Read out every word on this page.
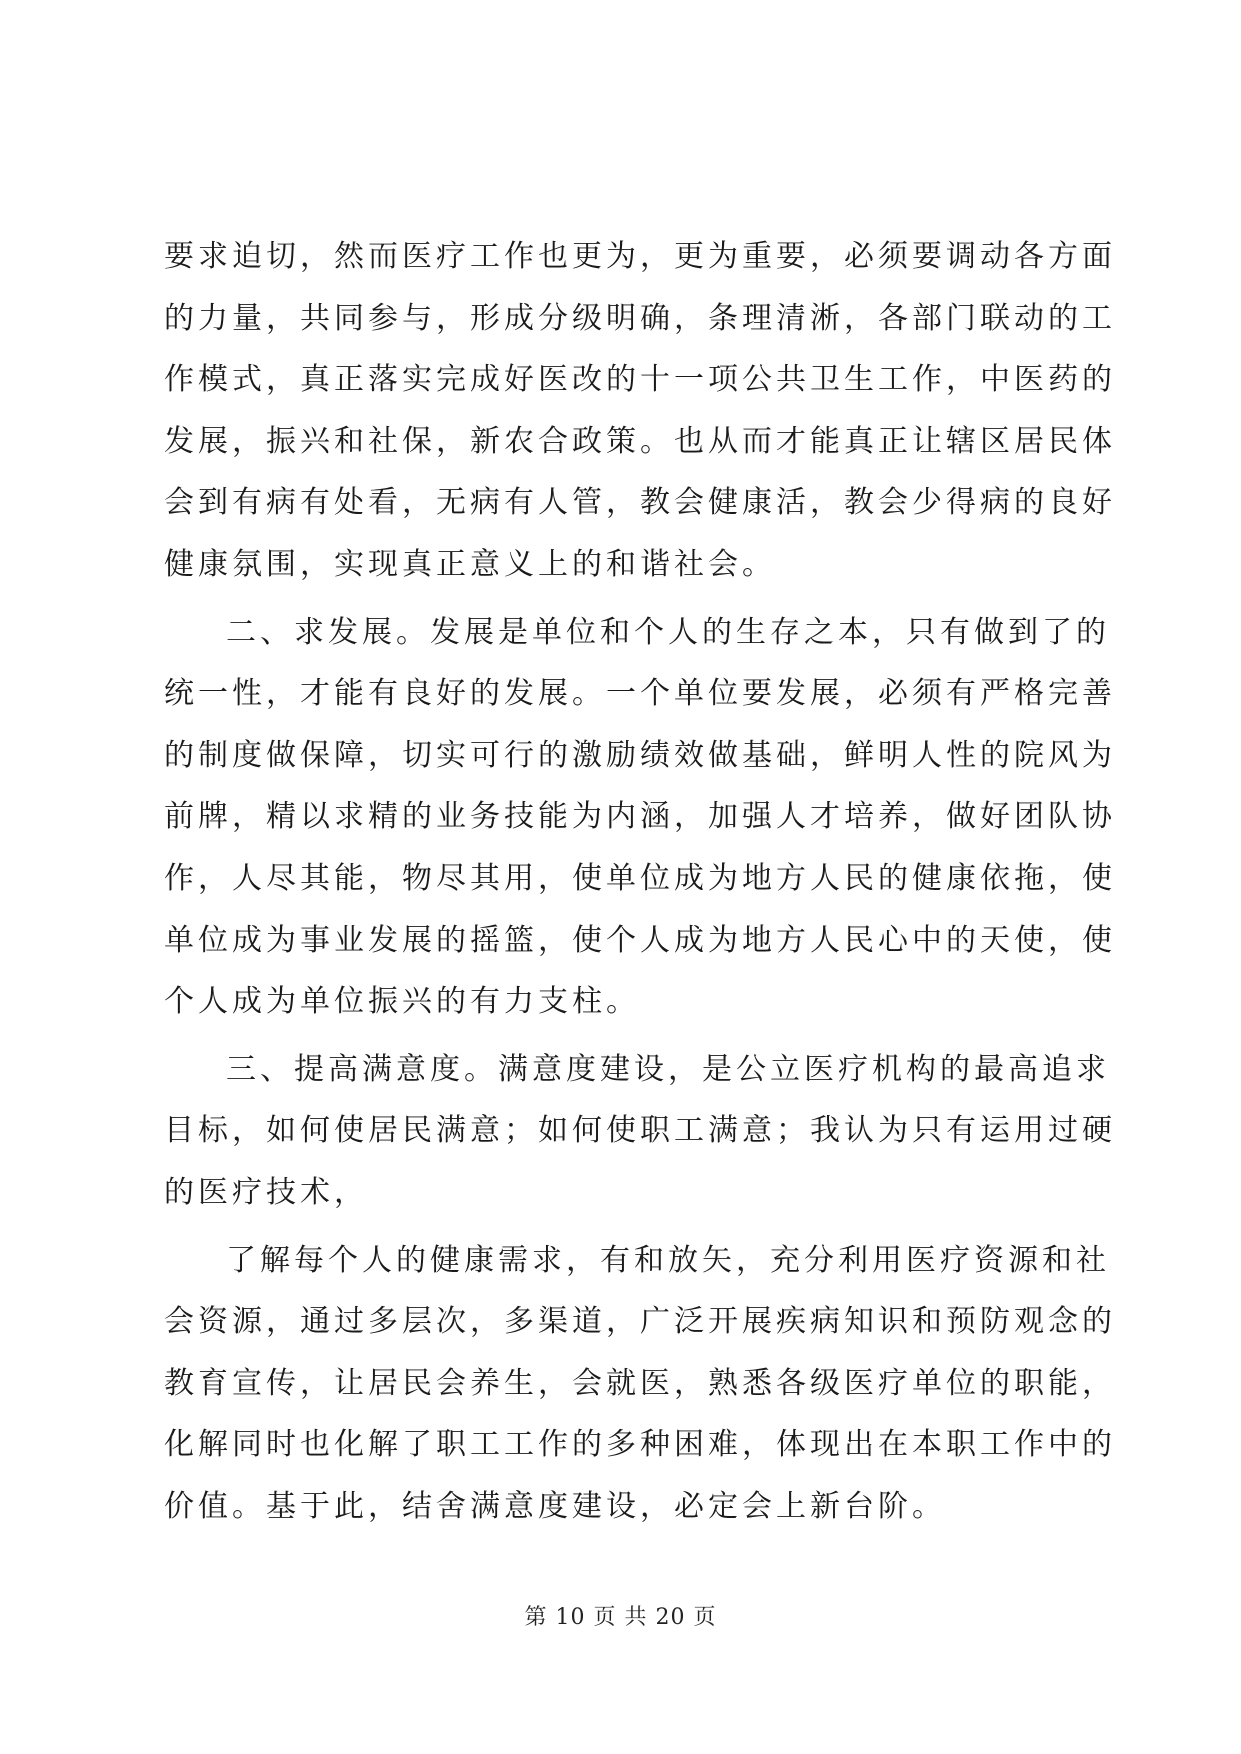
要求迫切，然而医疗工作也更为，更为重要，必须要调动各方面
的力量，共同参与，形成分级明确，条理清淅，各部门联动的工
作模式，真正落实完成好医改的十一项公共卫生工作，中医药的
发展，振兴和社保，新农合政策。也从而才能真正让辖区居民体
会到有病有处看，无病有人管，教会健康活，教会少得病的良好
健康氛围，实现真正意义上的和谐社会。
二、求发展。发展是单位和个人的生存之本，只有做到了的
统一性，才能有良好的发展。一个单位要发展，必须有严格完善
的制度做保障，切实可行的激励绩效做基础，鲜明人性的院风为
前牌，精以求精的业务技能为内涵，加强人才培养，做好团队协
作，人尽其能，物尽其用，使单位成为地方人民的健康依拖，使
单位成为事业发展的摇篮，使个人成为地方人民心中的天使，使
个人成为单位振兴的有力支柱。
三、提高满意度。满意度建设，是公立医疗机构的最高追求
目标，如何使居民满意；如何使职工满意；我认为只有运用过硬
的医疗技术，
了解每个人的健康需求，有和放矢，充分利用医疗资源和社
会资源，通过多层次，多渠道，广泛开展疾病知识和预防观念的
教育宣传，让居民会养生，会就医，熟悉各级医疗单位的职能，
化解同时也化解了职工工作的多种困难，体现出在本职工作中的
价值。基于此，结舍满意度建设，必定会上新台阶。
第 10 页 共 20 页
